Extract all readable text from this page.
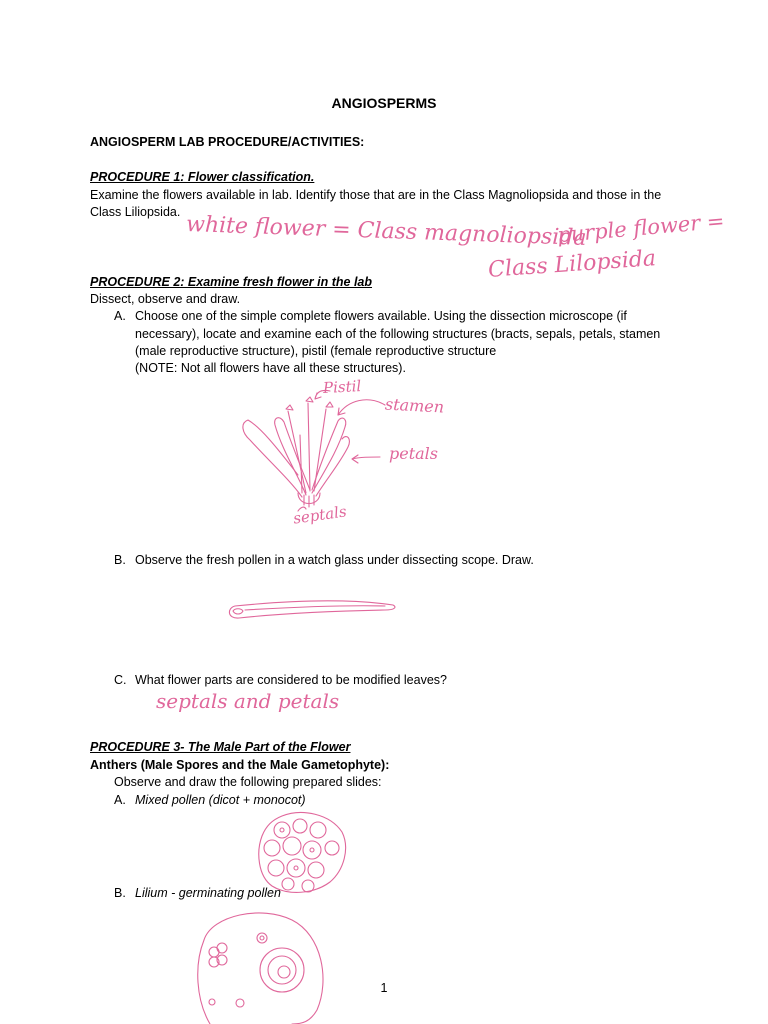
ANGIOSPERMS
ANGIOSPERM LAB PROCEDURE/ACTIVITIES:
PROCEDURE 1: Flower classification.
Examine the flowers available in lab. Identify those that are in the Class Magnoliopsida and those in the
Class Liliopsida.
white flower = Class magnoliopsida
purple flower =
Class Lilopsida
PROCEDURE 2: Examine fresh flower in the lab
Dissect, observe and draw.
A. Choose one of the simple complete flowers available. Using the dissection microscope (if
necessary), locate and examine each of the following structures (bracts, sepals, petals, stamen
(male reproductive structure), pistil (female reproductive structure
(NOTE: Not all flowers have all these structures).
Pistil
stamen
petals
septals
B. Observe the fresh pollen in a watch glass under dissecting scope. Draw.
C. What flower parts are considered to be modified leaves?
septals and petals
PROCEDURE 3- The Male Part of the Flower
Anthers (Male Spores and the Male Gametophyte):
Observe and draw the following prepared slides:
A. Mixed pollen (dicot + monocot)
B. Lilium - germinating pollen
1
